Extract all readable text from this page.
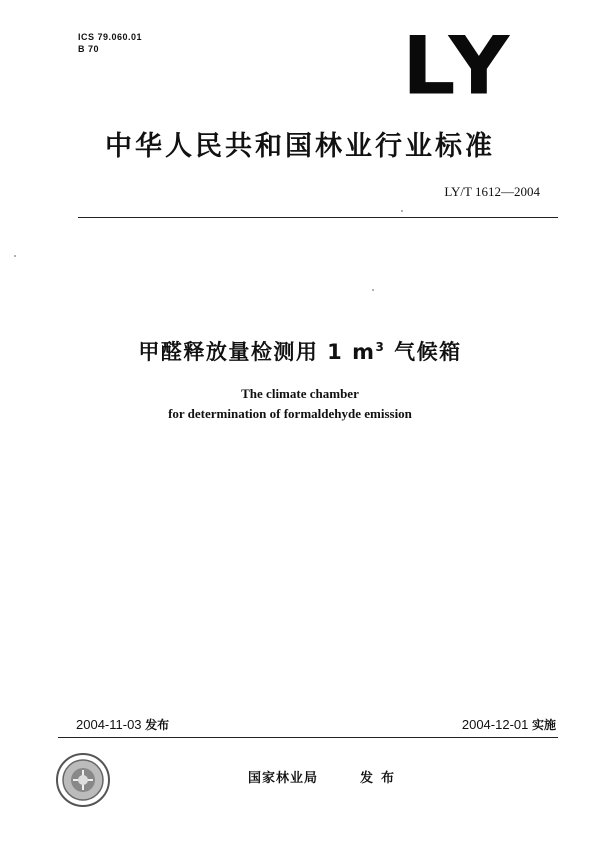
ICS 79.060.01
B 70	LY
中华人民共和国林业行业标准
LY/T 1612—2004
甲醛释放量检测用 1 $m^3$ 气候箱
The climate chamber
for determination of formaldehyde emission
2004-11-03 发布	2004-12-01 实施
国家林业局	发布
